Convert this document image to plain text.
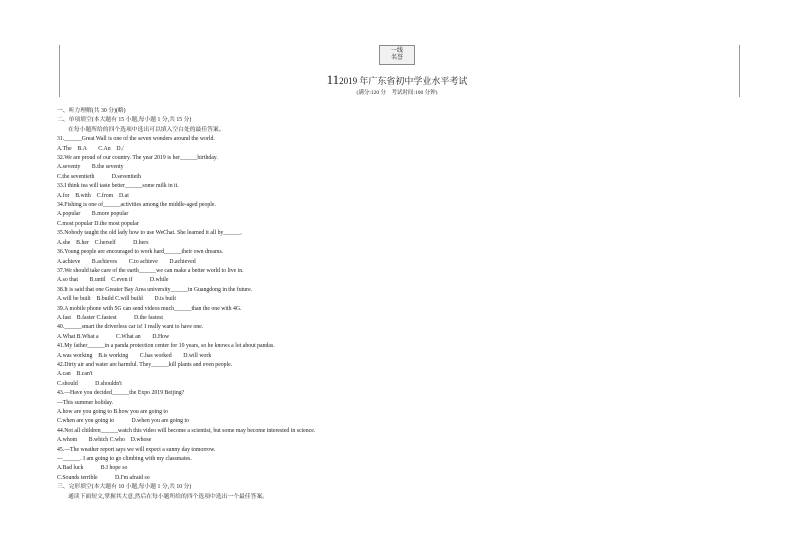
一线
名誉
112019 年广东省初中学业水平考试
(满分:120 分　考试时间:100 分钟)
一、听力理解(共 30 分)(略)
二、单项填空(本大题有 15 小题,每小题 1 分,共 15 分)
在每小题所给的四个选项中选出可以填入空白处的最佳答案。
31.______Great Wall is one of the seven wonders around the world.
A.The　B.A　　C.An　D./
32.We are proud of our country. The year 2019 is her______birthday.
A.seventy　　B.the seventy
C.the seventieth　　　D.seventieth
33.I think tea will taste better______some milk in it.
A.for　B.with　C.from　D.at
34.Fishing is one of______activities among the middle-aged people.
A.popular　　B.more popular
C.most popular D.the most popular
35.Nobody taught the old lady how to use WeChat. She learned it all by______.
A.she　B.her　C.herself　　　D.hers
36.Young people are encouraged to work hard______their own dreams.
A.achieve　　B.achieves　　C.to achieve　　D.achieved
37.We should take care of the earth______we can make a better world to live in.
A.so that　　B.until　C.even if　　　D.while
38.It is said that one Greater Bay Area university______in Guangdong in the future.
A.will be built　B.build C.will build　　D.is built
39.A mobile phone with 5G can send videos much______than the one with 4G.
A.fast　B.faster C.fastest　　　D.the fastest
40.______smart the driverless car is! I really want to have one.
A.What B.What a　　　C.What an　　D.How
41.My father______in a panda protection center for 10 years, so he knows a lot about pandas.
A.was working　B.is working　　C.has worked　　D.will work
42.Dirty air and water are harmful. They______kill plants and even people.
A.can　B.can't
C.should　　　D.shouldn't
43.—Have you decided______the Expo 2019 Beijing?
—This summer holiday.
A.how are you going to B.how you are going to
C.when are you going to　　　D.when you are going to
44.Not all children______watch this video will become a scientist, but some may become interested in science.
A.whom　　B.which C.who　D.whose
45.—The weather report says we will expect a sunny day tomorrow.
—______. I am going to go climbing with my classmates.
A.Bad luck　　　B.I hope so
C.Sounds terrible　　　D.I'm afraid so
三、完形填空(本大题有 10 小题,每小题 1 分,共 10 分)
通读下面短文,掌握其大意,然后在每小题所给的四个选项中选出一个最佳答案。
